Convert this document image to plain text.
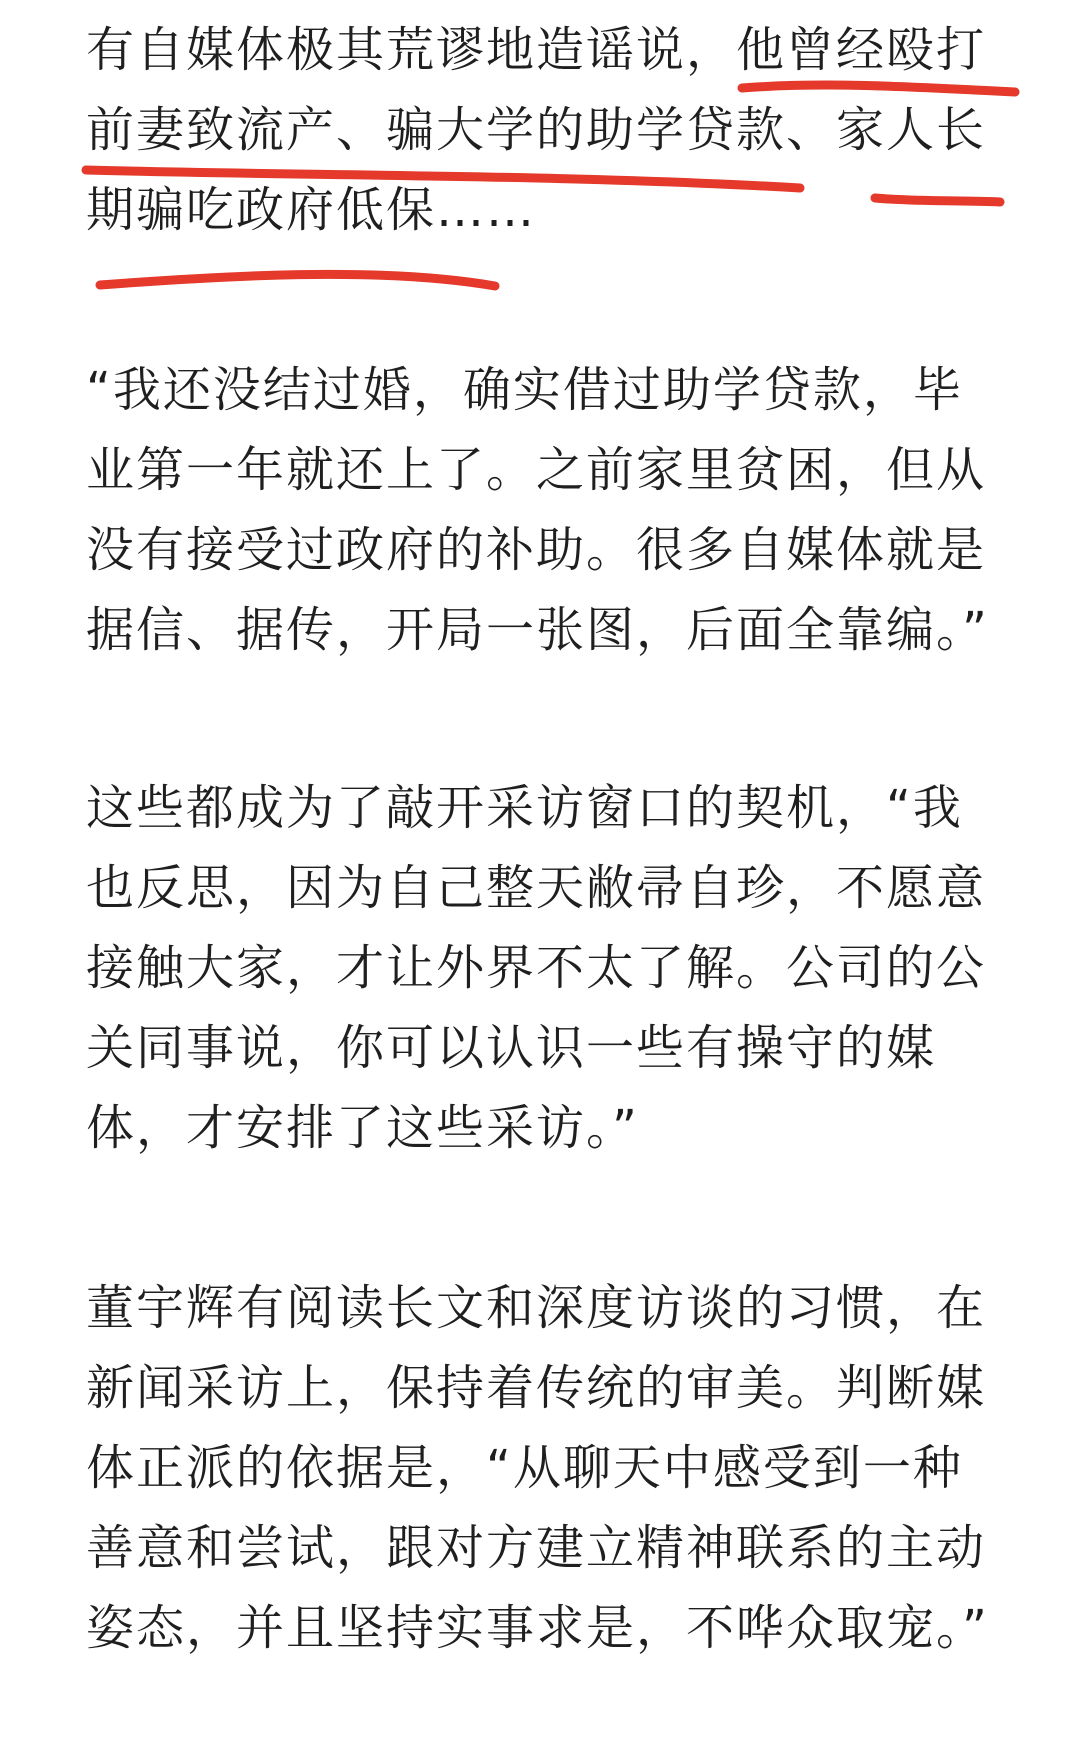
有自媒体极其荒谬地造谣说，他曾经殴打
前妻致流产、骗大学的助学贷款、家人长
期骗吃政府低保……
“我还没结过婚，确实借过助学贷款，毕
业第一年就还上了。之前家里贫困，但从
没有接受过政府的补助。很多自媒体就是
据信、据传，开局一张图，后面全靠编。”
这些都成为了敲开采访窗口的契机，“我
也反思，因为自己整天敝帚自珍，不愿意
接触大家，才让外界不太了解。公司的公
关同事说，你可以认识一些有操守的媒
体，才安排了这些采访。”
董宇辉有阅读长文和深度访谈的习惯，在
新闻采访上，保持着传统的审美。判断媒
体正派的依据是，“从聊天中感受到一种
善意和尝试，跟对方建立精神联系的主动
姿态，并且坚持实事求是，不哗众取宠。”
